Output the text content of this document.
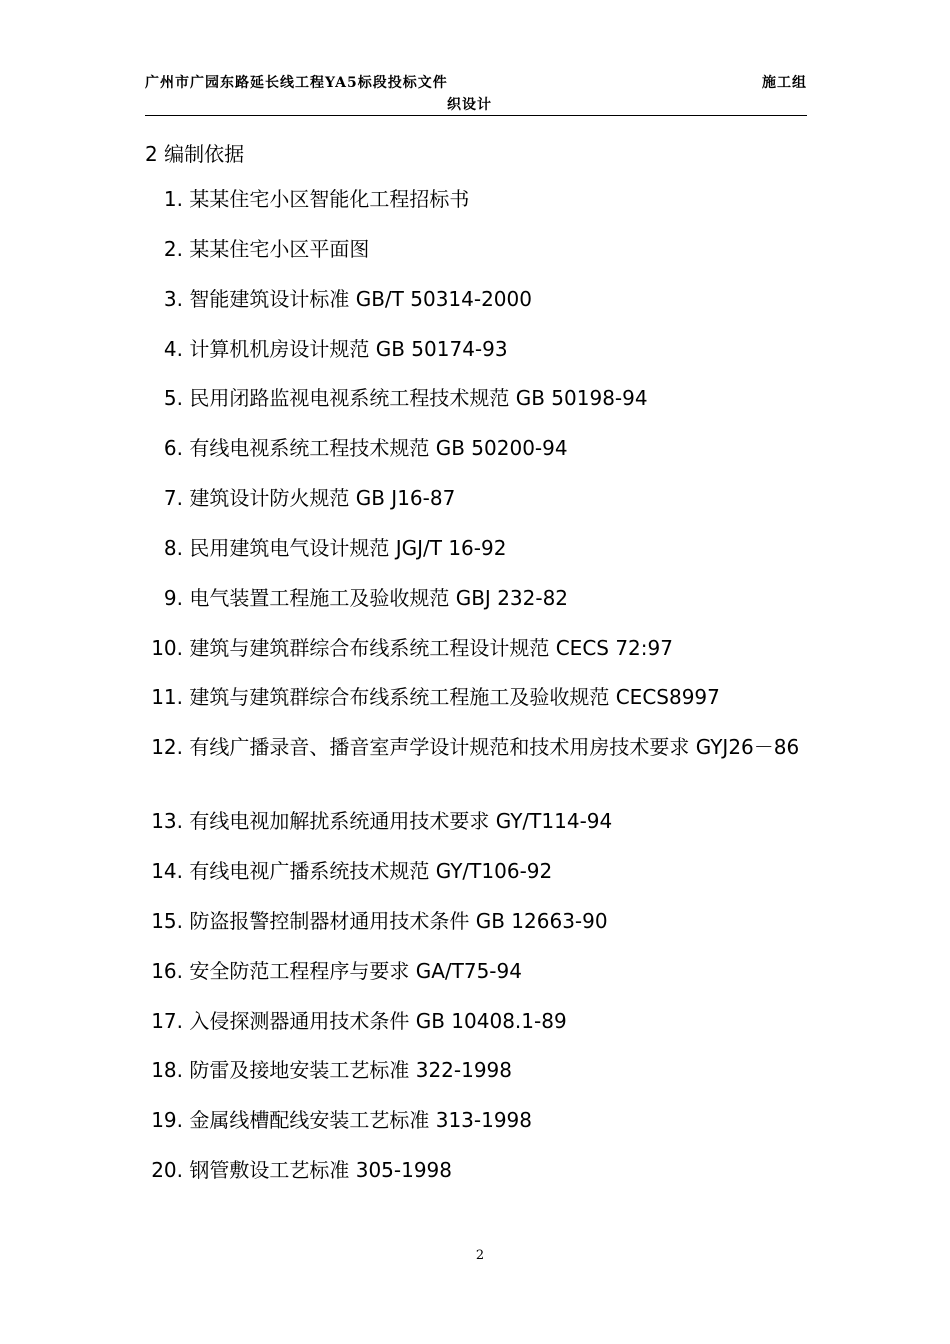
广州市广园东路延长线工程YA5标段投标文件	施工组
织设计
2 编制依据
1. 某某住宅小区智能化工程招标书
2. 某某住宅小区平面图
3. 智能建筑设计标准 GB/T 50314-2000
4. 计算机机房设计规范 GB 50174-93
5. 民用闭路监视电视系统工程技术规范 GB 50198-94
6. 有线电视系统工程技术规范 GB 50200-94
7. 建筑设计防火规范 GB J16-87
8. 民用建筑电气设计规范 JGJ/T 16-92
9. 电气装置工程施工及验收规范 GBJ 232-82
10. 建筑与建筑群综合布线系统工程设计规范 CECS 72:97
11. 建筑与建筑群综合布线系统工程施工及验收规范 CECS8997
12. 有线广播录音、播音室声学设计规范和技术用房技术要求 GYJ26－86
13. 有线电视加解扰系统通用技术要求 GY/T114-94
14. 有线电视广播系统技术规范 GY/T106-92
15. 防盗报警控制器材通用技术条件 GB 12663-90
16. 安全防范工程程序与要求 GA/T75-94
17. 入侵探测器通用技术条件 GB 10408.1-89
18. 防雷及接地安装工艺标准 322-1998
19. 金属线槽配线安装工艺标准 313-1998
20. 钢管敷设工艺标准 305-1998
2
